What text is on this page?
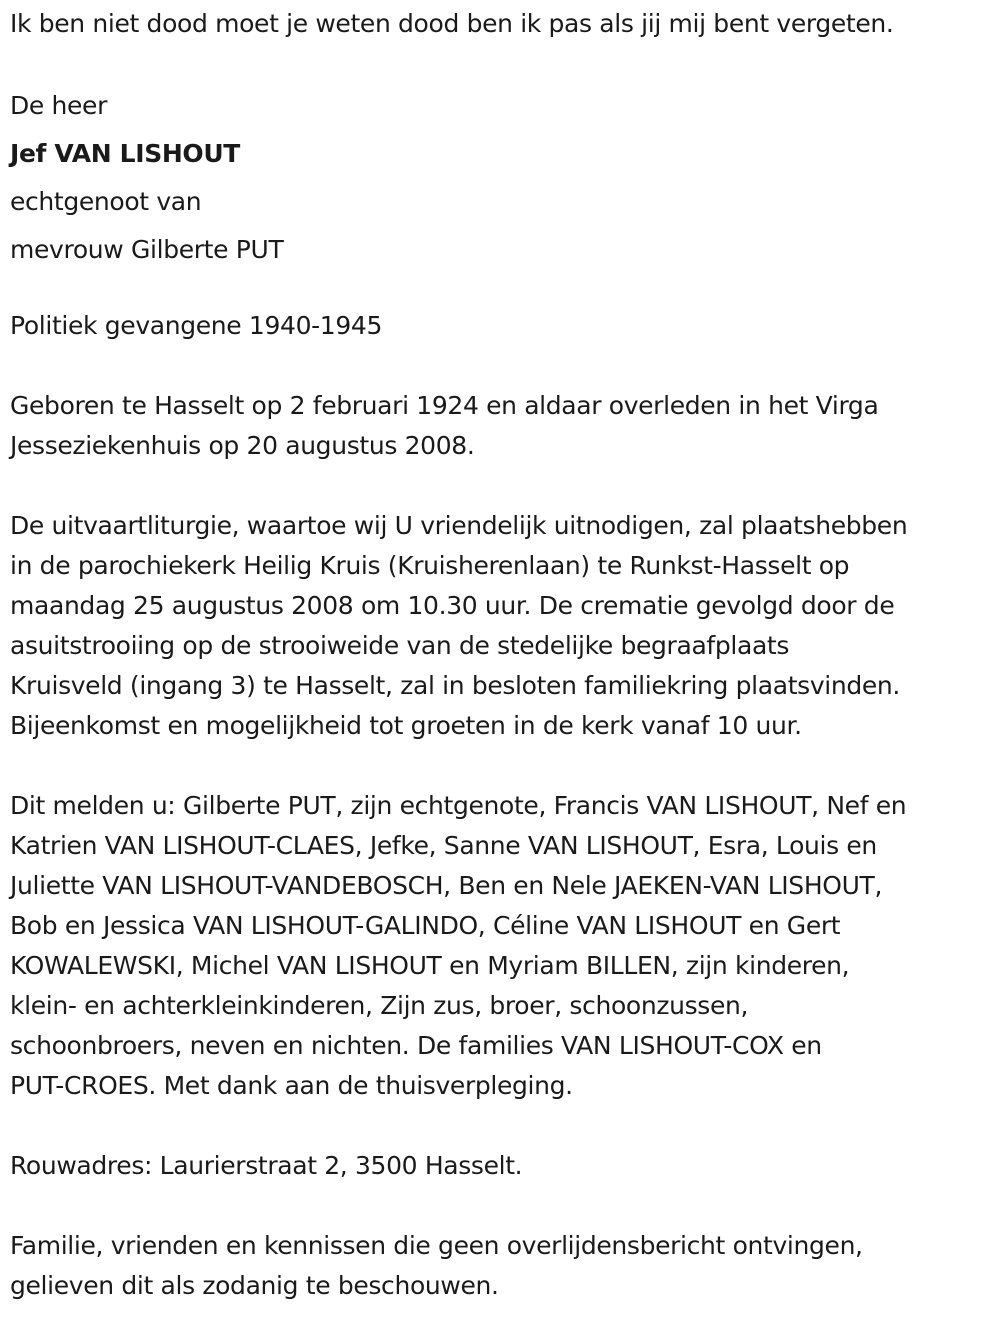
Ik ben niet dood moet je weten dood ben ik pas als jij mij bent vergeten.

De heer

Jef VAN LISHOUT

echtgenoot van

mevrouw Gilberte PUT

Politiek gevangene 1940-1945

Geboren te Hasselt op 2 februari 1924 en aldaar overleden in het Virga

Jesseziekenhuis op 20 augustus 2008.

De uitvaartliturgie, waartoe wij U vriendelijk uitnodigen, zal plaatshebben

in de parochiekerk Heilig Kruis (Kruisherenlaan) te Runkst-Hasselt op

maandag 25 augustus 2008 om 10.30 uur. De crematie gevolgd door de

asuitstrooiing op de strooiweide van de stedelijke begraafplaats

Kruisveld (ingang 3) te Hasselt, zal in besloten familiekring plaatsvinden.

Bijeenkomst en mogelijkheid tot groeten in de kerk vanaf 10 uur.

Dit melden u: Gilberte PUT, zijn echtgenote, Francis VAN LISHOUT, Nef en

Katrien VAN LISHOUT-CLAES, Jefke, Sanne VAN LISHOUT, Esra, Louis en

Juliette VAN LISHOUT-VANDEBOSCH, Ben en Nele JAEKEN-VAN LISHOUT,

Bob en Jessica VAN LISHOUT-GALINDO, Céline VAN LISHOUT en Gert

KOWALEWSKI, Michel VAN LISHOUT en Myriam BILLEN, zijn kinderen,

klein- en achterkleinkinderen, Zijn zus, broer, schoonzussen,

schoonbroers, neven en nichten. De families VAN LISHOUT-COX en

PUT-CROES. Met dank aan de thuisverpleging.

Rouwadres: Laurierstraat 2, 3500 Hasselt.

Familie, vrienden en kennissen die geen overlijdensbericht ontvingen,

gelieven dit als zodanig te beschouwen.
